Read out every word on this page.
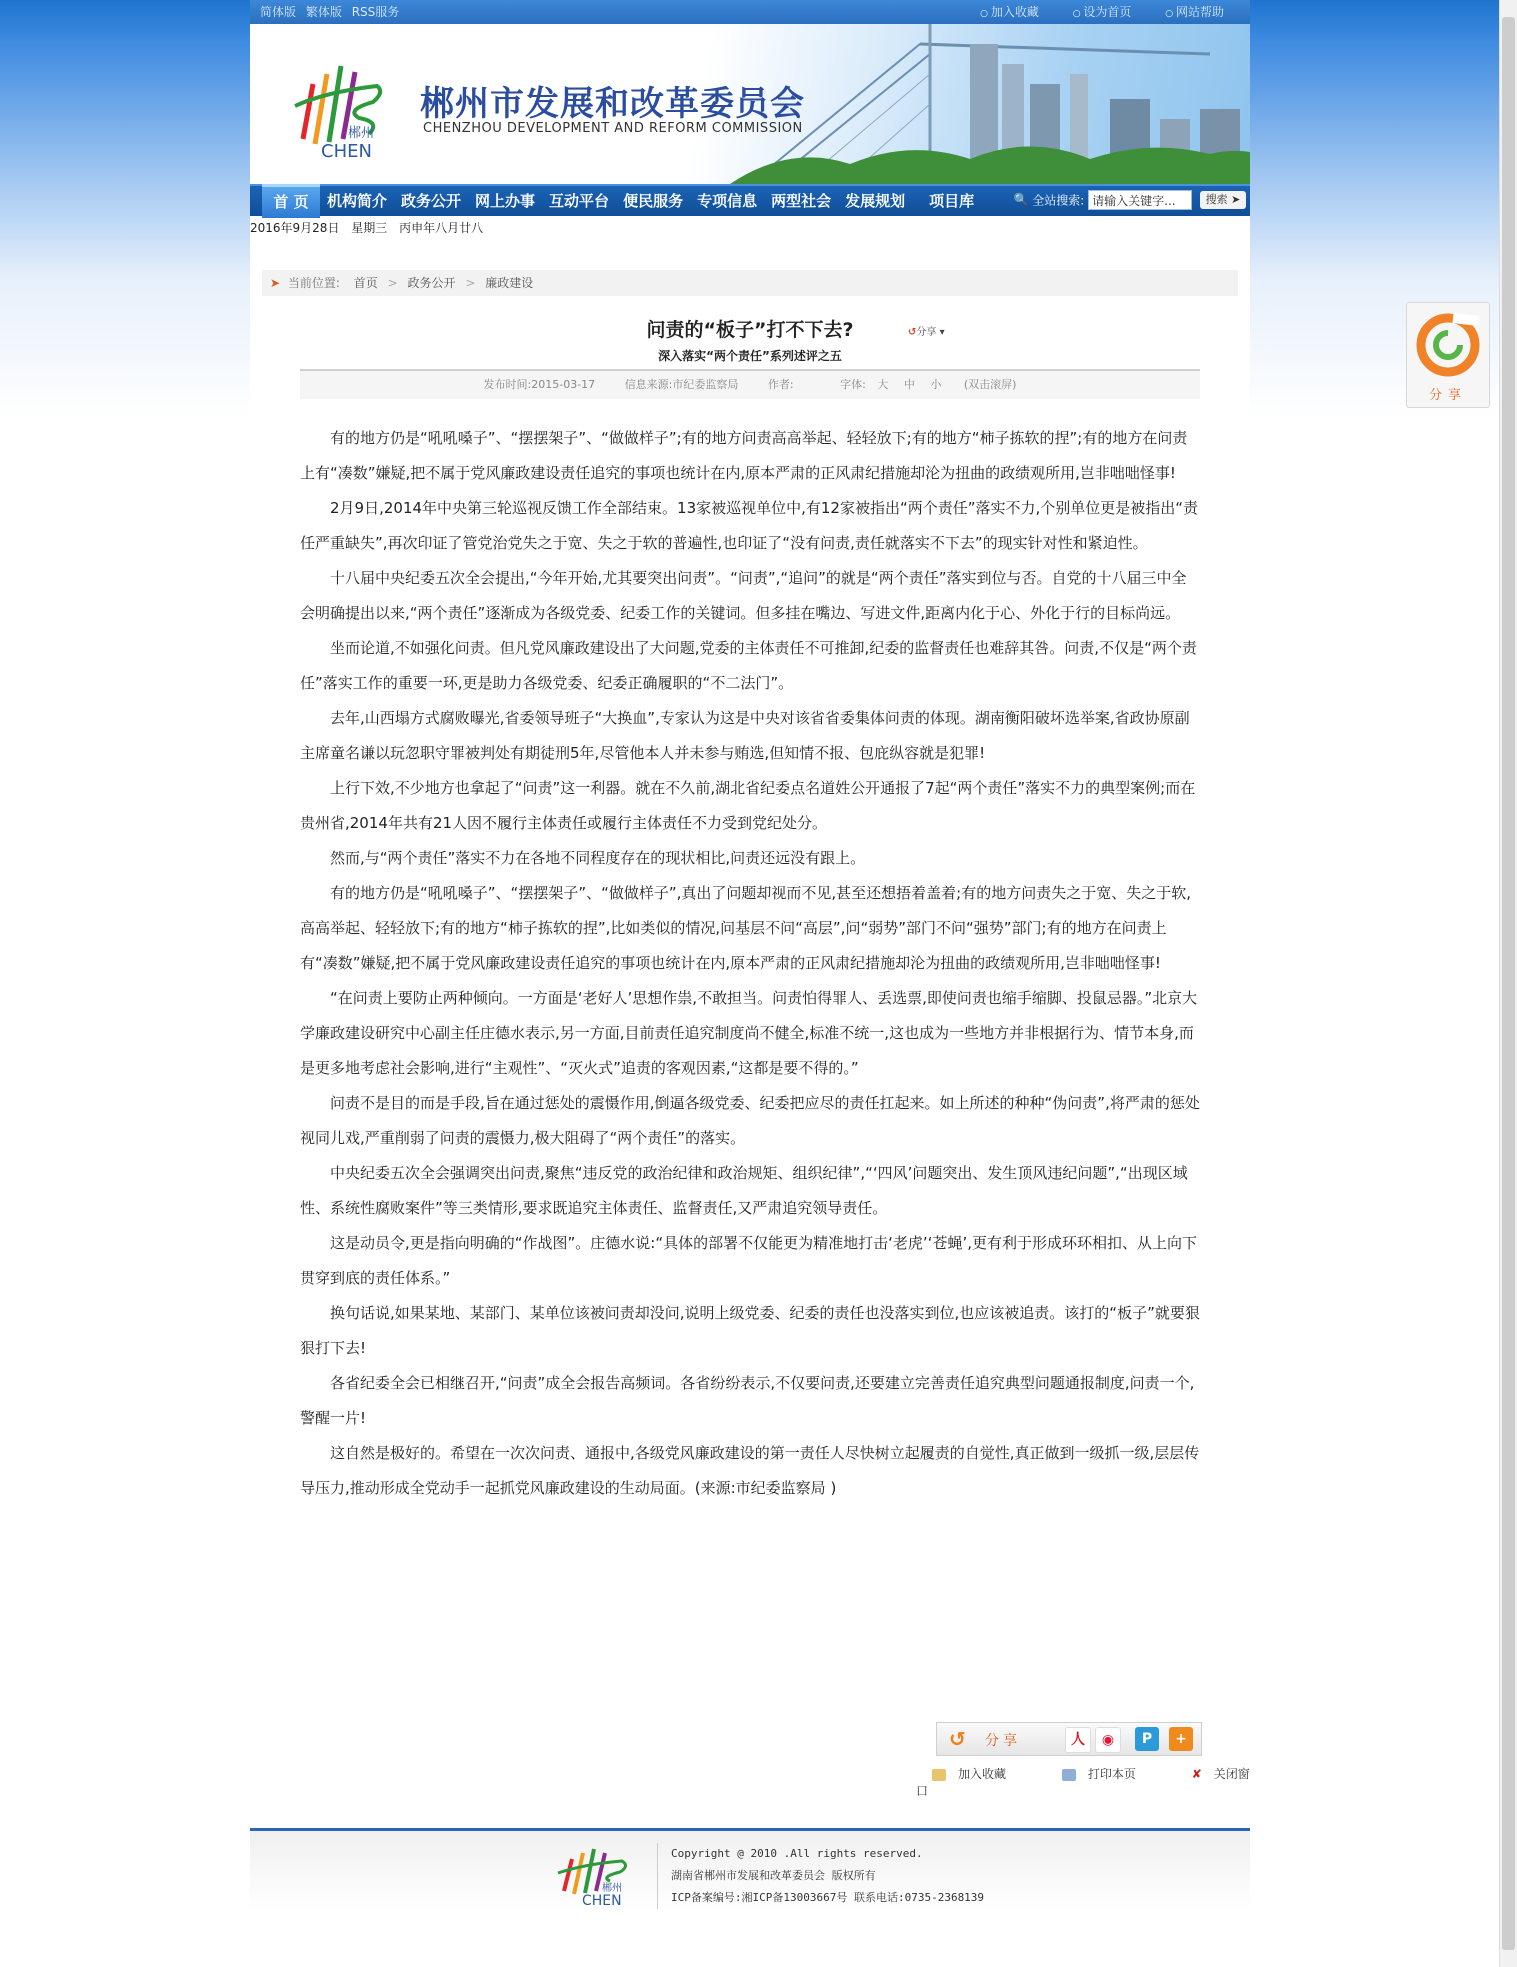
简体版 繁体版 RSS服务	○ 加入收藏	○ 设为首页	○ 网站帮助
郴州
CHEN
郴州市发展和改革委员会
CHENZHOU DEVELOPMENT AND REFORM COMMISSION
首 页	机构简介 政务公开 网上办事 互动平台 便民服务 专项信息 两型社会 发展规划	项目库	🔍 全站搜索: 请输入关键字...	搜索 ➤
2016年9月28日 星期三 丙申年八月廿八
➤ 当前位置: 首页 > 政务公开 > 廉政建设
问责的“板子”打不下去?	↺分享 ▾
深入落实“两个责任”系列述评之五
发布时间:2015-03-17	信息来源:市纪委监察局	作者:	字体: 大 中 小 (双击滚屏)

有的地方仍是“吼吼嗓子”、“摆摆架子”、“做做样子”;有的地方问责高高举起、轻轻放下;有的地方“柿子拣软的捏”;有的地方在问责上有“凑数”嫌疑,把不属于党风廉政建设责任追究的事项也统计在内,原本严肃的正风肃纪措施却沦为扭曲的政绩观所用,岂非咄咄怪事!

2月9日,2014年中央第三轮巡视反馈工作全部结束。13家被巡视单位中,有12家被指出“两个责任”落实不力,个别单位更是被指出“责任严重缺失”,再次印证了管党治党失之于宽、失之于软的普遍性,也印证了“没有问责,责任就落实不下去”的现实针对性和紧迫性。

十八届中央纪委五次全会提出,“今年开始,尤其要突出问责”。“问责”,“追问”的就是“两个责任”落实到位与否。自党的十八届三中全会明确提出以来,“两个责任”逐渐成为各级党委、纪委工作的关键词。但多挂在嘴边、写进文件,距离内化于心、外化于行的目标尚远。

坐而论道,不如强化问责。但凡党风廉政建设出了大问题,党委的主体责任不可推卸,纪委的监督责任也难辞其咎。问责,不仅是“两个责任”落实工作的重要一环,更是助力各级党委、纪委正确履职的“不二法门”。

去年,山西塌方式腐败曝光,省委领导班子“大换血”,专家认为这是中央对该省省委集体问责的体现。湖南衡阳破坏选举案,省政协原副主席童名谦以玩忽职守罪被判处有期徒刑5年,尽管他本人并未参与贿选,但知情不报、包庇纵容就是犯罪!

上行下效,不少地方也拿起了“问责”这一利器。就在不久前,湖北省纪委点名道姓公开通报了7起“两个责任”落实不力的典型案例;而在贵州省,2014年共有21人因不履行主体责任或履行主体责任不力受到党纪处分。

然而,与“两个责任”落实不力在各地不同程度存在的现状相比,问责还远没有跟上。

有的地方仍是“吼吼嗓子”、“摆摆架子”、“做做样子”,真出了问题却视而不见,甚至还想捂着盖着;有的地方问责失之于宽、失之于软,高高举起、轻轻放下;有的地方“柿子拣软的捏”,比如类似的情况,问基层不问“高层”,问“弱势”部门不问“强势”部门;有的地方在问责上有“凑数”嫌疑,把不属于党风廉政建设责任追究的事项也统计在内,原本严肃的正风肃纪措施却沦为扭曲的政绩观所用,岂非咄咄怪事!

“在问责上要防止两种倾向。一方面是‘老好人’思想作祟,不敢担当。问责怕得罪人、丢选票,即使问责也缩手缩脚、投鼠忌器。”北京大学廉政建设研究中心副主任庄德水表示,另一方面,目前责任追究制度尚不健全,标准不统一,这也成为一些地方并非根据行为、情节本身,而是更多地考虑社会影响,进行“主观性”、“灭火式”追责的客观因素,“这都是要不得的。”

问责不是目的而是手段,旨在通过惩处的震慑作用,倒逼各级党委、纪委把应尽的责任扛起来。如上所述的种种“伪问责”,将严肃的惩处视同儿戏,严重削弱了问责的震慑力,极大阻碍了“两个责任”的落实。

中央纪委五次全会强调突出问责,聚焦“违反党的政治纪律和政治规矩、组织纪律”,“‘四风’问题突出、发生顶风违纪问题”,“出现区域性、系统性腐败案件”等三类情形,要求既追究主体责任、监督责任,又严肃追究领导责任。

这是动员令,更是指向明确的“作战图”。庄德水说:“具体的部署不仅能更为精准地打击‘老虎’‘苍蝇’,更有利于形成环环相扣、从上向下贯穿到底的责任体系。”

换句话说,如果某地、某部门、某单位该被问责却没问,说明上级党委、纪委的责任也没落实到位,也应该被追责。该打的“板子”就要狠狠打下去!

各省纪委全会已相继召开,“问责”成全会报告高频词。各省纷纷表示,不仅要问责,还要建立完善责任追究典型问题通报制度,问责一个,警醒一片!

这自然是极好的。希望在一次次问责、通报中,各级党风廉政建设的第一责任人尽快树立起履责的自觉性,真正做到一级抓一级,层层传导压力,推动形成全党动手一起抓党风廉政建设的生动局面。(来源:市纪委监察局 )

↺ 分享	人	◉	P	+
加入收藏	打印本页	✘ 关闭窗口
郴州
CHEN
Copyright @ 2010 .All rights reserved.
湖南省郴州市发展和改革委员会 版权所有
ICP备案编号:湘ICP备13003667号 联系电话:0735-2368139
分享
